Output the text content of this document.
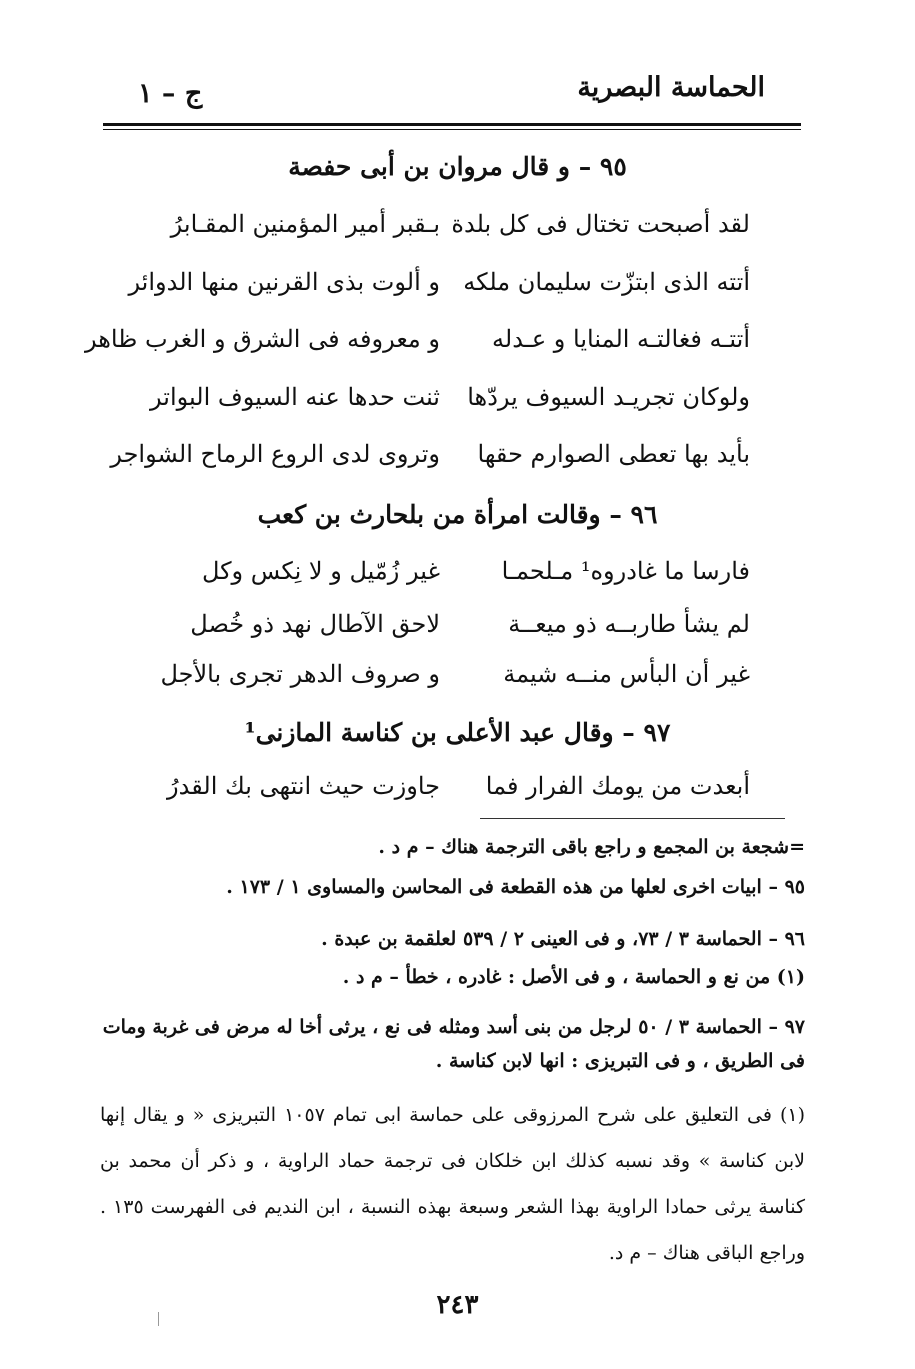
الحماسة البصرية
ج – ١
٩٥ – و قال مروان بن أبى حفصة
لقد أصبحت تختال فى كل بلدة
بـقبر أمير المؤمنين المقـابرُ
أتته الذى ابتزّت سليمان ملكه
و ألوت بذى القرنين منها الدوائر
أتتـه فغالتـه المنايا و عـدله
و معروفه فى الشرق و الغرب ظاهر
ولوكان تجريـد السيوف يردّها
ثنت حدها عنه السيوف البواتر
بأيد بها تعطى الصوارم حقها
وتروى لدى الروع الرماح الشواجر
٩٦ – وقالت امرأة من بلحارث بن كعب
فارسا ما غادروه¹ مـلحمـا
غير زُمّيل و لا نِكس وكل
لم يشأ طاربــه ذو ميعــة
لاحق الآطال نهد ذو خُصل
غير أن البأس منــه شيمة
و صروف الدهر تجرى بالأجل
٩٧ – وقال عبد الأعلى بن كناسة المازنى¹
أبعدت من يومك الفرار فما
جاوزت حيث انتهى بك القدرُ
=شجعة بن المجمع و راجع باقى الترجمة هناك – م د .
٩٥ – ابيات اخرى لعلها من هذه القطعة فى المحاسن والمساوى ١ / ١٧٣ .
٩٦ – الحماسة ٣ / ٧٣، و فى العينى ٢ / ٥٣٩ لعلقمة بن عبدة .
(١) من نع و الحماسة ، و فى الأصل : غادره ، خطأ – م د .
٩٧ – الحماسة ٣ / ٥٠ لرجل من بنى أسد ومثله فى نع ، يرثى أخا له مرض فى غربة ومات فى الطريق ، و فى التبريزى : انها لابن كناسة .
(١) فى التعليق على شرح المرزوقى على حماسة ابى تمام ١٠٥٧ التبريزى « و يقال إنها لابن كناسة » وقد نسبه كذلك ابن خلكان فى ترجمة حماد الراوية ، و ذكر أن محمد بن كناسة يرثى حمادا الراوية بهذا الشعر وسبعة بهذه النسبة ، ابن النديم فى الفهرست ١٣٥ . وراجع الباقى هناك – م د.
٢٤٣
